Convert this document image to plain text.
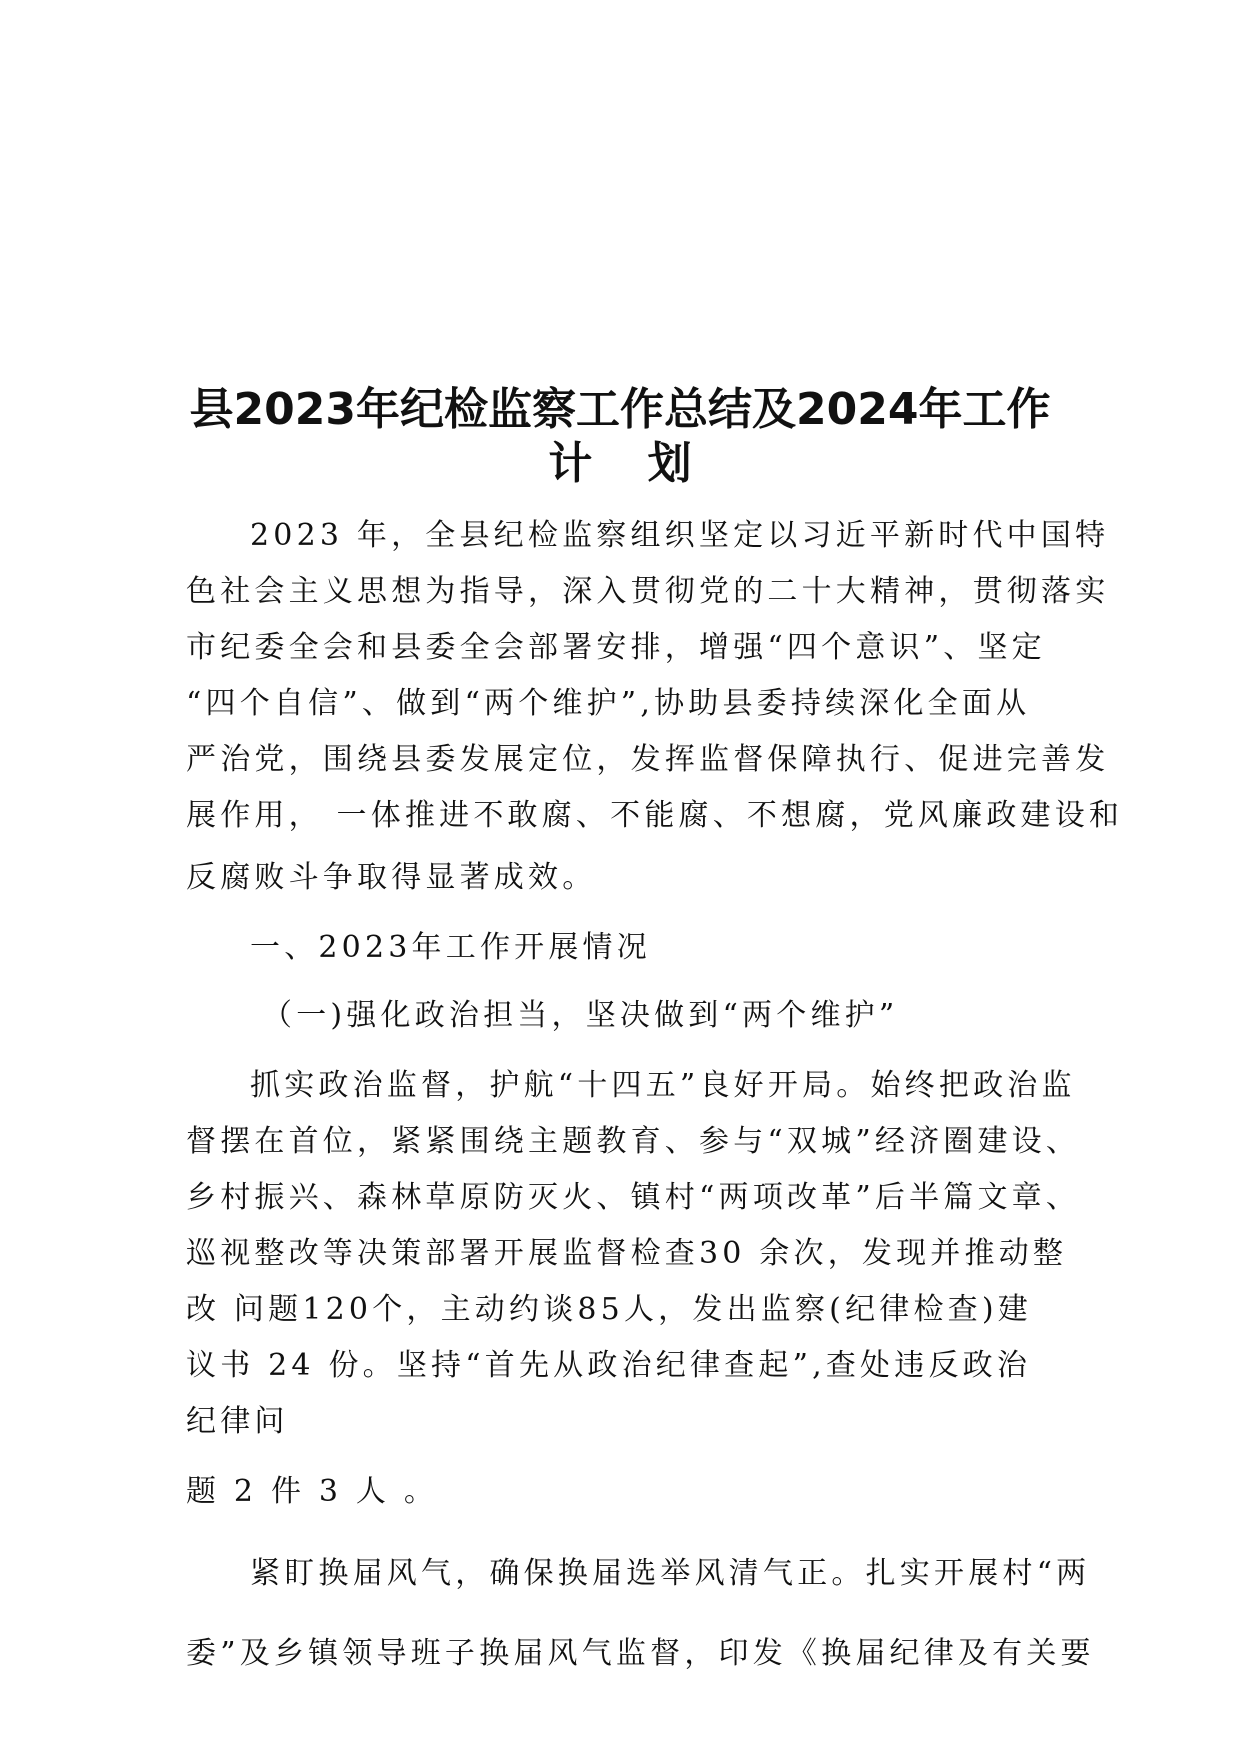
县2023年纪检监察工作总结及2024年工作
计 划

2023 年，全县纪检监察组织坚定以习近平新时代中国特

色社会主义思想为指导，深入贯彻党的二十大精神，贯彻落实

市纪委全会和县委全会部署安排，增强“四个意识”、坚定

“四个自信”、做到“两个维护”,协助县委持续深化全面从

严治党，围绕县委发展定位，发挥监督保障执行、促进完善发

展作用， 一体推进不敢腐、不能腐、不想腐，党风廉政建设和

反腐败斗争取得显著成效。

一、2023年工作开展情况

（一)强化政治担当，坚决做到“两个维护”

抓实政治监督，护航“十四五”良好开局。始终把政治监

督摆在首位，紧紧围绕主题教育、参与“双城”经济圈建设、

乡村振兴、森林草原防灭火、镇村“两项改革”后半篇文章、

巡视整改等决策部署开展监督检查30 余次，发现并推动整

改 问题120个，主动约谈85人，发出监察(纪律检查)建

议书 24 份。坚持“首先从政治纪律查起”,查处违反政治

纪律问

题 2 件 3 人 。

紧盯换届风气，确保换届选举风清气正。扎实开展村“两

委”及乡镇领导班子换届风气监督，印发《换届纪律及有关要
